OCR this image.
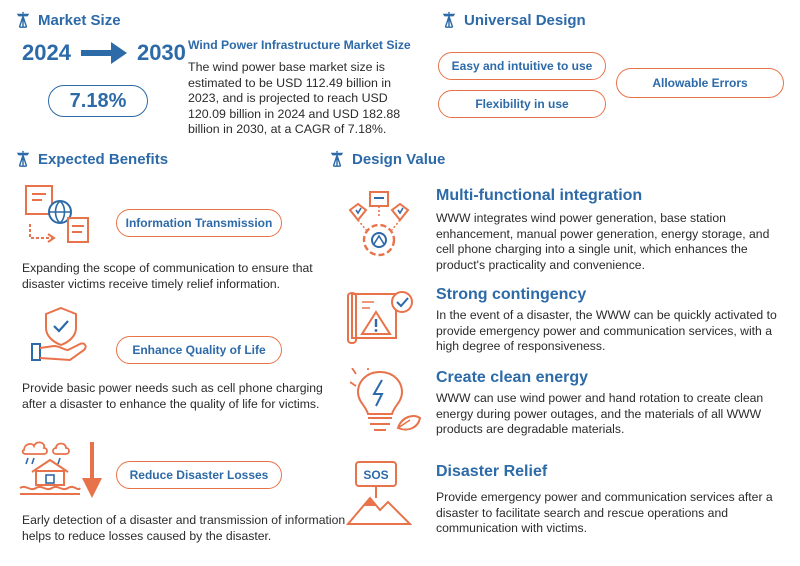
Market Size
2024	2030
7.18%
Wind Power Infrastructure Market Size
The wind power base market size is estimated to be USD 112.49 billion in 2023, and is projected to reach USD 120.09 billion in 2024 and USD 182.88 billion in 2030, at a CAGR of 7.18%.
Universal Design
Easy and intuitive to use
Flexibility in use
Allowable Errors
Expected Benefits
Information Transmission
Expanding the scope of communication to ensure that disaster victims receive timely relief information.
Enhance Quality of Life
Provide basic power needs such as cell phone charging after a disaster to enhance the quality of life for victims.
Reduce Disaster Losses
Early detection of a disaster and transmission of information helps to reduce losses caused by the disaster.
Design Value
Multi-functional integration
WWW integrates wind power generation, base station enhancement, manual power generation, energy storage, and cell phone charging into a single unit, which enhances the product's practicality and convenience.
Strong contingency
In the event of a disaster, the WWW can be quickly activated to provide emergency power and communication services, with a high degree of responsiveness.
Create clean energy
WWW can use wind power and hand rotation to create clean energy during power outages, and the materials of all WWW products are degradable materials.
SOS	Disaster Relief
Provide emergency power and communication services after a disaster to facilitate search and rescue operations and communication with victims.
